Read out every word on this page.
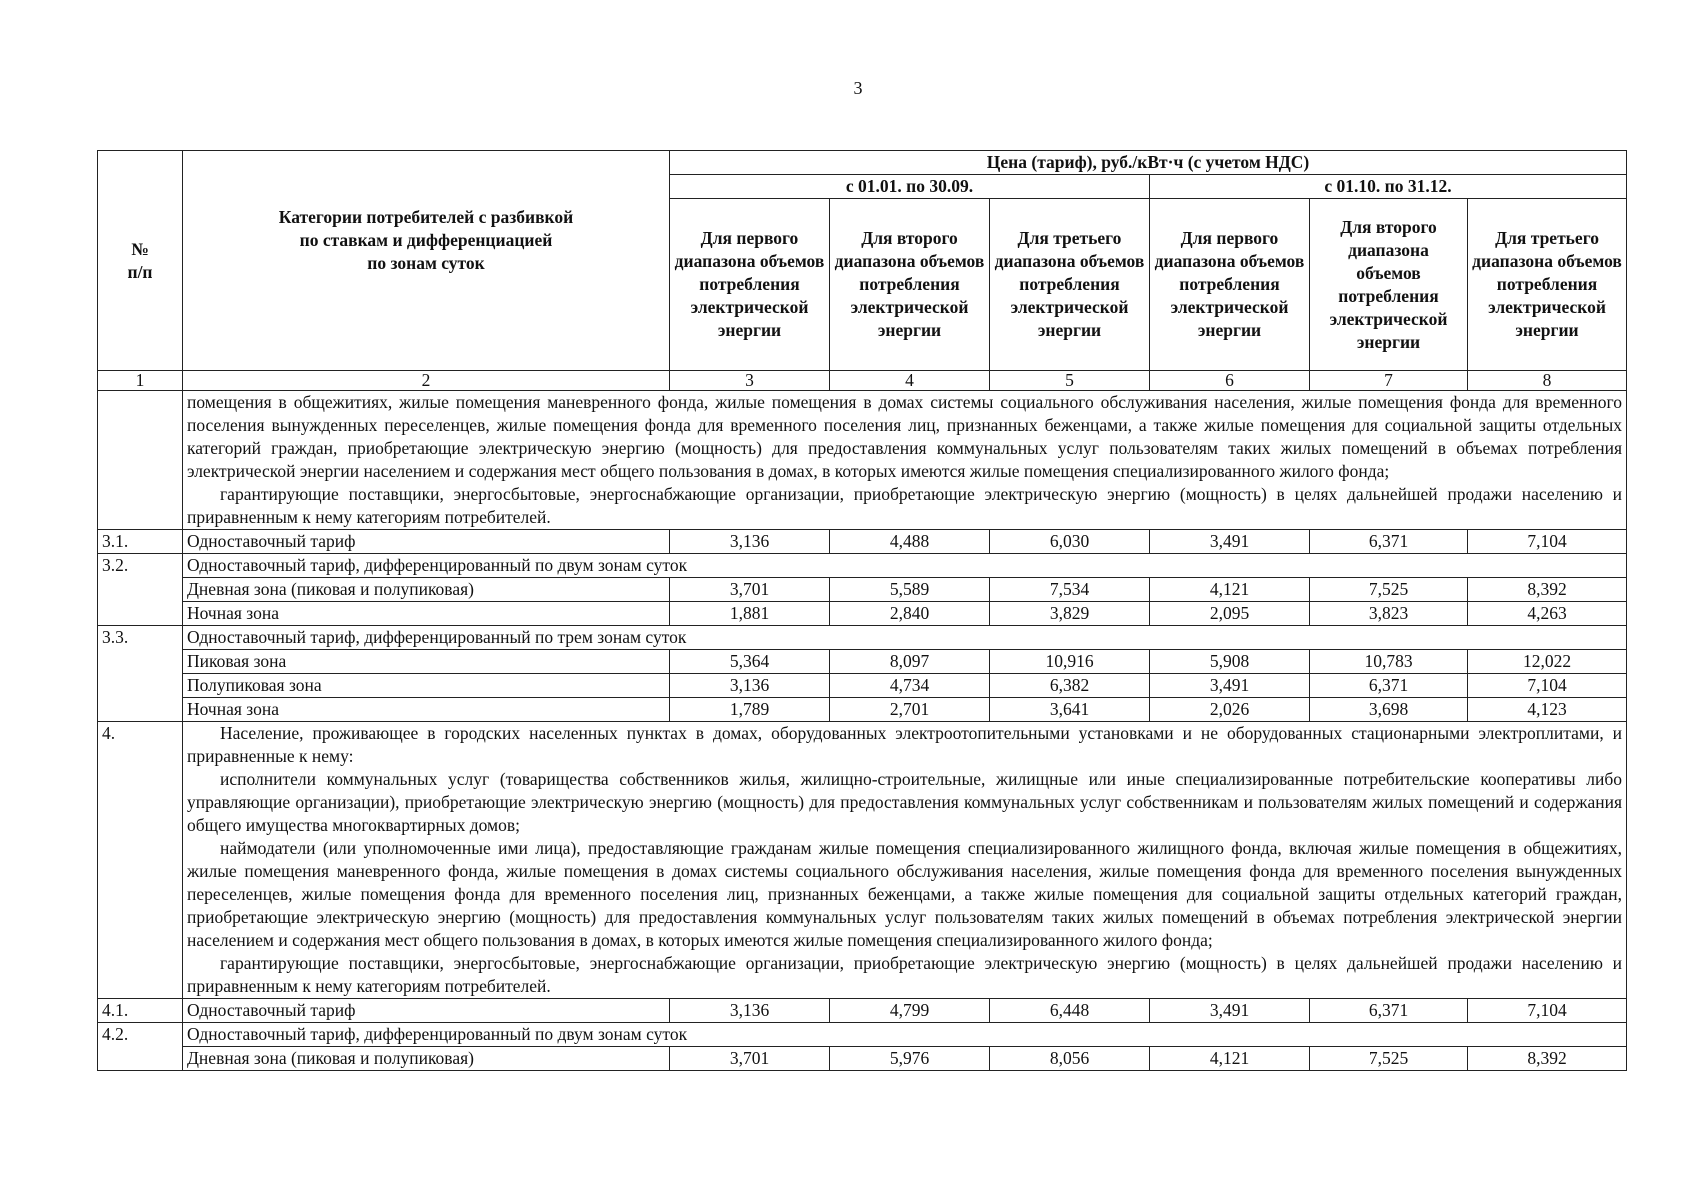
3
№
п/п	Категории потребителей с разбивкой
по ставкам и дифференциацией
по зонам суток	Цена (тариф), руб./кВт·ч (с учетом НДС)					
		с 01.01. по 30.09.			с 01.10. по 31.12.		
		Для первого диапазона объемов потребления электрической энергии	Для второго диапазона объемов потребления электрической энергии	Для третьего диапазона объемов потребления электрической энергии	Для первого диапазона объемов потребления электрической энергии	Для второго диапазона объемов потребления электрической энергии	Для третьего диапазона объемов потребления электрической энергии
1	2	3	4	5	6	7	8

	помещения в общежитиях, жилые помещения маневренного фонда, жилые помещения в домах системы социального обслуживания населения, жилые помещения фонда для временного поселения вынужденных переселенцев, жилые помещения фонда для временного поселения лиц, признанных беженцами, а также жилые помещения для социальной защиты отдельных категорий граждан, приобретающие электрическую энергию (мощность) для предоставления коммунальных услуг пользователям таких жилых помещений в объемах потребления электрической энергии населением и содержания мест общего пользования в домах, в которых имеются жилые помещения специализированного жилого фонда;

гарантирующие поставщики, энергосбытовые, энергоснабжающие организации, приобретающие электрическую энергию (мощность) в целях дальнейшей продажи населению и приравненным к нему категориям потребителей.						

3.1.	Одноставочный тариф	3,136	4,488	6,030	3,491	6,371	7,104
3.2.	Одноставочный тариф, дифференцированный по двум зонам суток						
	Дневная зона (пиковая и полупиковая)	3,701	5,589	7,534	4,121	7,525	8,392
	Ночная зона	1,881	2,840	3,829	2,095	3,823	4,263
3.3.	Одноставочный тариф, дифференцированный по трем зонам суток						
	Пиковая зона	5,364	8,097	10,916	5,908	10,783	12,022
	Полупиковая зона	3,136	4,734	6,382	3,491	6,371	7,104
	Ночная зона	1,789	2,701	3,641	2,026	3,698	4,123
4.	Население, проживающее в городских населенных пунктах в домах, оборудованных электроотопительными установками и не оборудованных стационарными электроплитами, и приравненные к нему:

исполнители коммунальных услуг (товарищества собственников жилья, жилищно-строительные, жилищные или иные специализированные потребительские кооперативы либо управляющие организации), приобретающие электрическую энергию (мощность) для предоставления коммунальных услуг собственникам и пользователям жилых помещений и содержания общего имущества многоквартирных домов;

наймодатели (или уполномоченные ими лица), предоставляющие гражданам жилые помещения специализированного жилищного фонда, включая жилые помещения в общежитиях, жилые помещения маневренного фонда, жилые помещения в домах системы социального обслуживания населения, жилые помещения фонда для временного поселения вынужденных переселенцев, жилые помещения фонда для временного поселения лиц, признанных беженцами, а также жилые помещения для социальной защиты отдельных категорий граждан, приобретающие электрическую энергию (мощность) для предоставления коммунальных услуг пользователям таких жилых помещений в объемах потребления электрической энергии населением и содержания мест общего пользования в домах, в которых имеются жилые помещения специализированного жилого фонда;

гарантирующие поставщики, энергосбытовые, энергоснабжающие организации, приобретающие электрическую энергию (мощность) в целях дальнейшей продажи населению и приравненным к нему категориям потребителей.						

4.1.	Одноставочный тариф	3,136	4,799	6,448	3,491	6,371	7,104
4.2.	Одноставочный тариф, дифференцированный по двум зонам суток						
	Дневная зона (пиковая и полупиковая)	3,701	5,976	8,056	4,121	7,525	8,392
